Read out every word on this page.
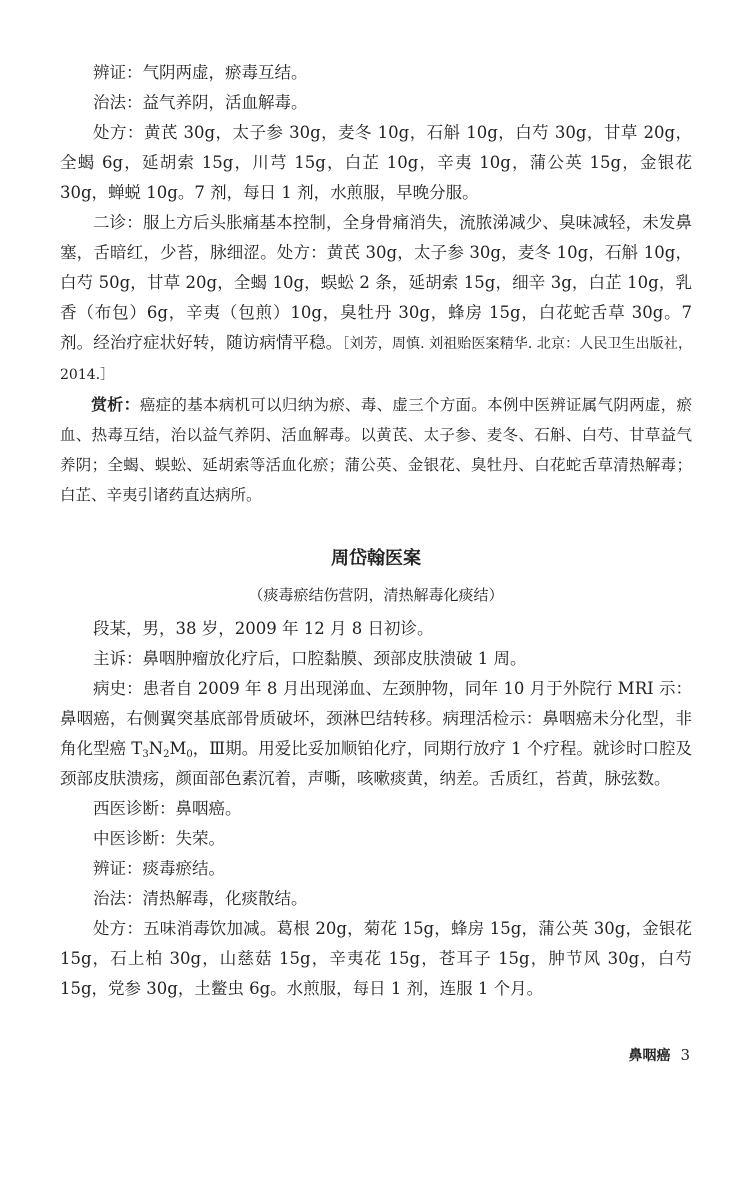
辨证：气阴两虚，瘀毒互结。

治法：益气养阴，活血解毒。

处方：黄芪 30g，太子参 30g，麦冬 10g，石斛 10g，白芍 30g，甘草 20g，全蝎 6g，延胡索 15g，川芎 15g，白芷 10g，辛夷 10g，蒲公英 15g，金银花 30g，蝉蜕 10g。7 剂，每日 1 剂，水煎服，早晚分服。

二诊：服上方后头胀痛基本控制，全身骨痛消失，流脓涕减少、臭味减轻，未发鼻塞，舌暗红，少苔，脉细涩。处方：黄芪 30g，太子参 30g，麦冬 10g，石斛 10g，白芍 50g，甘草 20g，全蝎 10g，蜈蚣 2 条，延胡索 15g，细辛 3g，白芷 10g，乳香（布包）6g，辛夷（包煎）10g，臭牡丹 30g，蜂房 15g，白花蛇舌草 30g。7 剂。经治疗症状好转，随访病情平稳。［刘芳，周慎. 刘祖贻医案精华. 北京：人民卫生出版社，2014.］

赏析：癌症的基本病机可以归纳为瘀、毒、虚三个方面。本例中医辨证属气阴两虚，瘀血、热毒互结，治以益气养阴、活血解毒。以黄芪、太子参、麦冬、石斛、白芍、甘草益气养阴；全蝎、蜈蚣、延胡索等活血化瘀；蒲公英、金银花、臭牡丹、白花蛇舌草清热解毒；白芷、辛夷引诸药直达病所。

周岱翰医案

（痰毒瘀结伤营阴，清热解毒化痰结）

段某，男，38 岁，2009 年 12 月 8 日初诊。

主诉：鼻咽肿瘤放化疗后，口腔黏膜、颈部皮肤溃破 1 周。

病史：患者自 2009 年 8 月出现涕血、左颈肿物，同年 10 月于外院行 MRI 示：鼻咽癌，右侧翼突基底部骨质破坏，颈淋巴结转移。病理活检示：鼻咽癌未分化型，非角化型癌 $T_3N_2M_0$，Ⅲ期。用爱比妥加顺铂化疗，同期行放疗 1 个疗程。就诊时口腔及颈部皮肤溃疡，颜面部色素沉着，声嘶，咳嗽痰黄，纳差。舌质红，苔黄，脉弦数。

西医诊断：鼻咽癌。

中医诊断：失荣。

辨证：痰毒瘀结。

治法：清热解毒，化痰散结。

处方：五味消毒饮加减。葛根 20g，菊花 15g，蜂房 15g，蒲公英 30g，金银花 15g，石上柏 30g，山慈菇 15g，辛夷花 15g，苍耳子 15g，肿节风 30g，白芍 15g，党参 30g，土鳖虫 6g。水煎服，每日 1 剂，连服 1 个月。

鼻咽癌 3
